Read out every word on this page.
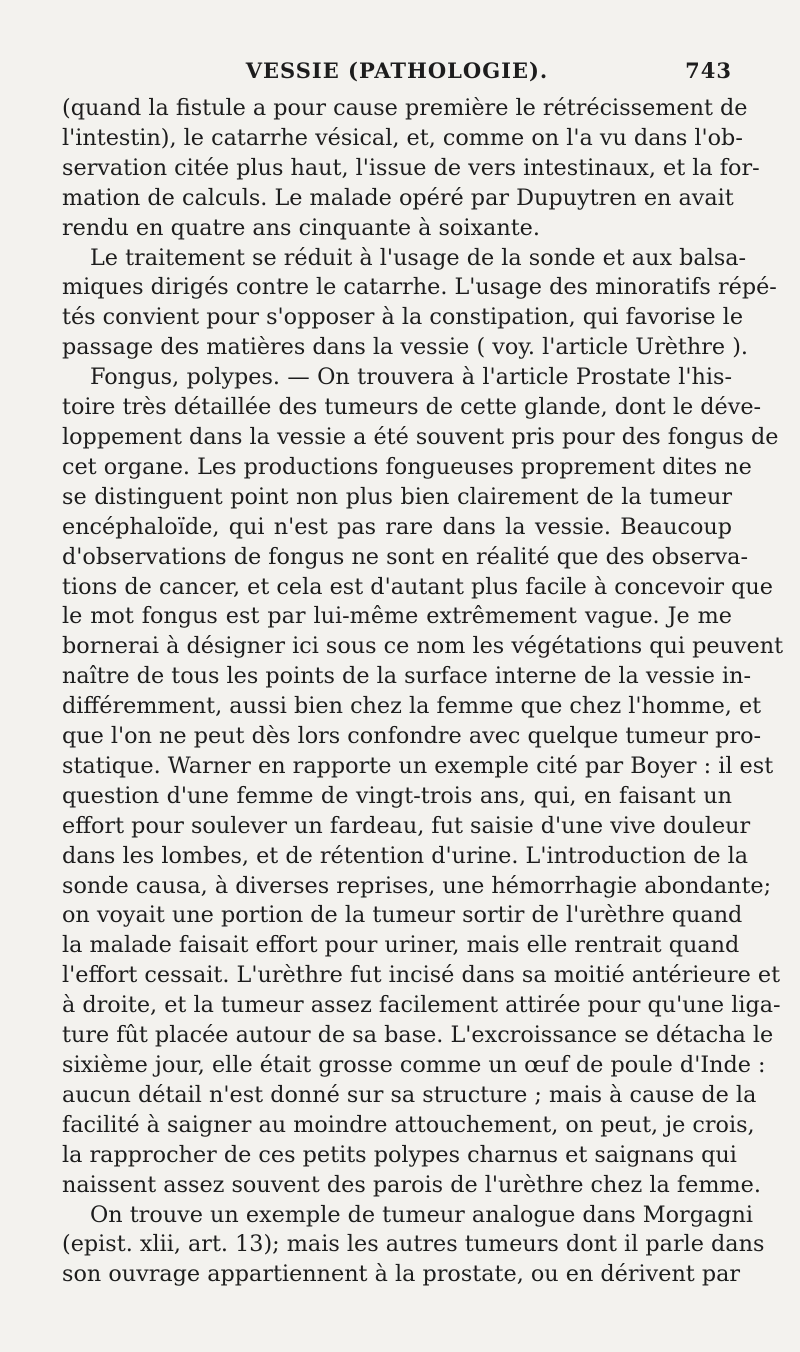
VESSIE (PATHOLOGIE).	743
(quand la fistule a pour cause première le rétrécissement de
l'intestin), le catarrhe vésical, et, comme on l'a vu dans l'ob-
servation citée plus haut, l'issue de vers intestinaux, et la for-
mation de calculs. Le malade opéré par Dupuytren en avait
rendu en quatre ans cinquante à soixante.
Le traitement se réduit à l'usage de la sonde et aux balsa-
miques dirigés contre le catarrhe. L'usage des minoratifs répé-
tés convient pour s'opposer à la constipation, qui favorise le
passage des matières dans la vessie ( voy. l'article Urèthre ).
Fongus, polypes. — On trouvera à l'article Prostate l'his-
toire très détaillée des tumeurs de cette glande, dont le déve-
loppement dans la vessie a été souvent pris pour des fongus de
cet organe. Les productions fongueuses proprement dites ne
se distinguent point non plus bien clairement de la tumeur
encéphaloïde, qui n'est pas rare dans la vessie. Beaucoup
d'observations de fongus ne sont en réalité que des observa-
tions de cancer, et cela est d'autant plus facile à concevoir que
le mot fongus est par lui-même extrêmement vague. Je me
bornerai à désigner ici sous ce nom les végétations qui peuvent
naître de tous les points de la surface interne de la vessie in-
différemment, aussi bien chez la femme que chez l'homme, et
que l'on ne peut dès lors confondre avec quelque tumeur pro-
statique. Warner en rapporte un exemple cité par Boyer : il est
question d'une femme de vingt-trois ans, qui, en faisant un
effort pour soulever un fardeau, fut saisie d'une vive douleur
dans les lombes, et de rétention d'urine. L'introduction de la
sonde causa, à diverses reprises, une hémorrhagie abondante;
on voyait une portion de la tumeur sortir de l'urèthre quand
la malade faisait effort pour uriner, mais elle rentrait quand
l'effort cessait. L'urèthre fut incisé dans sa moitié antérieure et
à droite, et la tumeur assez facilement attirée pour qu'une liga-
ture fût placée autour de sa base. L'excroissance se détacha le
sixième jour, elle était grosse comme un œuf de poule d'Inde :
aucun détail n'est donné sur sa structure ; mais à cause de la
facilité à saigner au moindre attouchement, on peut, je crois,
la rapprocher de ces petits polypes charnus et saignans qui
naissent assez souvent des parois de l'urèthre chez la femme.
On trouve un exemple de tumeur analogue dans Morgagni
(epist. xlii, art. 13); mais les autres tumeurs dont il parle dans
son ouvrage appartiennent à la prostate, ou en dérivent par
